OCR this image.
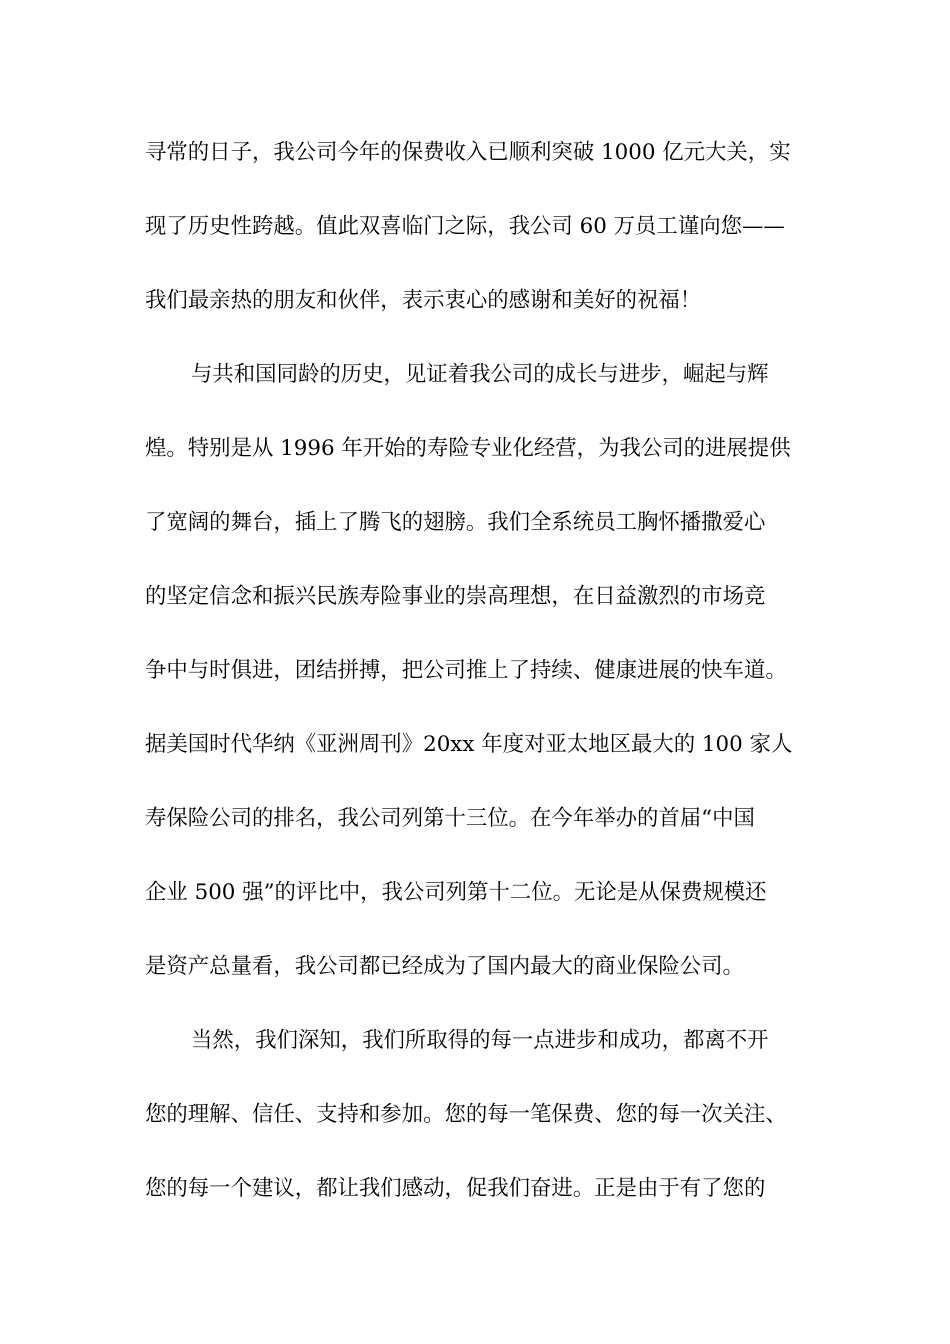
寻常的日子，我公司今年的保费收入已顺利突破 1000 亿元大关，实

现了历史性跨越。值此双喜临门之际，我公司 60 万员工谨向您——

我们最亲热的朋友和伙伴，表示衷心的感谢和美好的祝福！

与共和国同龄的历史，见证着我公司的成长与进步，崛起与辉

煌。特别是从 1996 年开始的寿险专业化经营，为我公司的进展提供

了宽阔的舞台，插上了腾飞的翅膀。我们全系统员工胸怀播撒爱心

的坚定信念和振兴民族寿险事业的崇高理想，在日益激烈的市场竞

争中与时俱进，团结拼搏，把公司推上了持续、健康进展的快车道。

据美国时代华纳《亚洲周刊》20xx 年度对亚太地区最大的 100 家人

寿保险公司的排名，我公司列第十三位。在今年举办的首届“中国

企业 500 强”的评比中，我公司列第十二位。无论是从保费规模还

是资产总量看，我公司都已经成为了国内最大的商业保险公司。

当然，我们深知，我们所取得的每一点进步和成功，都离不开

您的理解、信任、支持和参加。您的每一笔保费、您的每一次关注、

您的每一个建议，都让我们感动，促我们奋进。正是由于有了您的
